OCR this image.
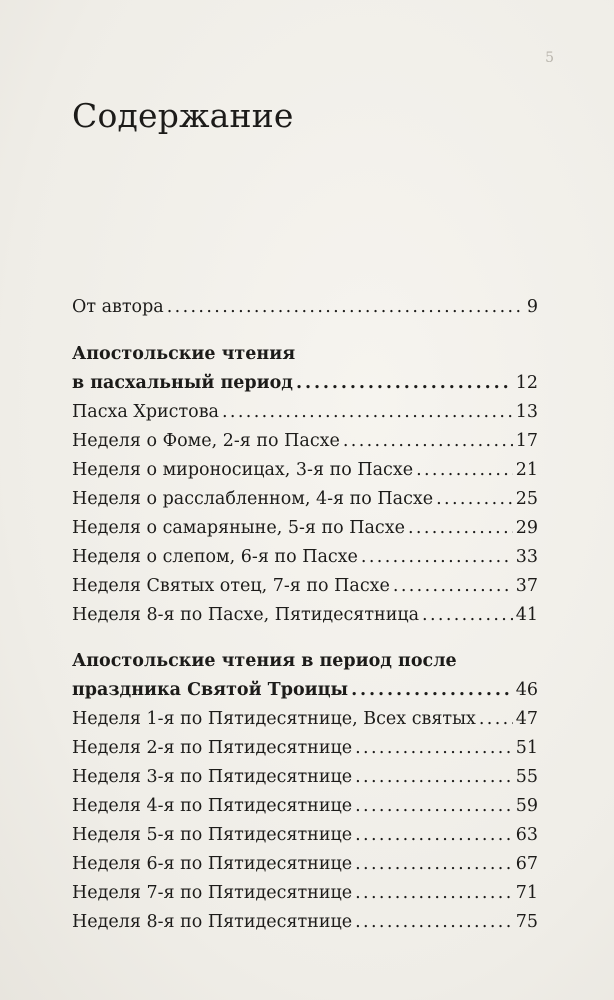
5
Содержание
От автора . . .	9
Апостольские чтения
в пасхальный период . . .	12
Пасха Христова . . .	13
Неделя о Фоме, 2-я по Пасхе . . .	17
Неделя о мироносицах, 3-я по Пасхе . . .	21
Неделя о расслабленном, 4-я по Пасхе . . .	25
Неделя о самаряныне, 5-я по Пасхе . . .	29
Неделя о слепом, 6-я по Пасхе . . .	33
Неделя Святых отец, 7-я по Пасхе . . .	37
Неделя 8-я по Пасхе, Пятидесятница . . .	41
Апостольские чтения в период после
праздника Святой Троицы . . .	46
Неделя 1-я по Пятидесятнице, Всех святых . . . 47
Неделя 2-я по Пятидесятнице . . .	51
Неделя 3-я по Пятидесятнице . . .	55
Неделя 4-я по Пятидесятнице . . .	59
Неделя 5-я по Пятидесятнице . . .	63
Неделя 6-я по Пятидесятнице . . .	67
Неделя 7-я по Пятидесятнице . . .	71
Неделя 8-я по Пятидесятнице . . .	75
